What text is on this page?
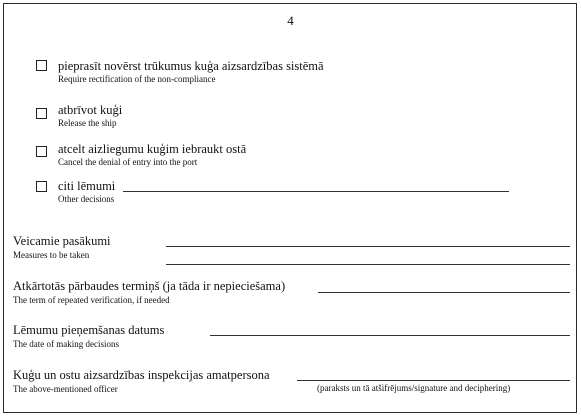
4
pieprasīt novērst trūkumus kuģa aizsardzības sistēmā
Require rectification of the non-compliance
atbrīvot kuģi
Release the ship
atcelt aizliegumu kuģim iebraukt ostā
Cancel the denial of entry into the port
citi lēmumi
Other decisions
Veicamie pasākumi
Measures to be taken
Atkārtotās pārbaudes termiņš (ja tāda ir nepieciešama)
The term of repeated verification, if needed
Lēmumu pieņemšanas datums
The date of making decisions
Kuģu un ostu aizsardzības inspekcijas amatpersona
The above-mentioned officer	(paraksts un tā atšifrējums/signature and deciphering)
